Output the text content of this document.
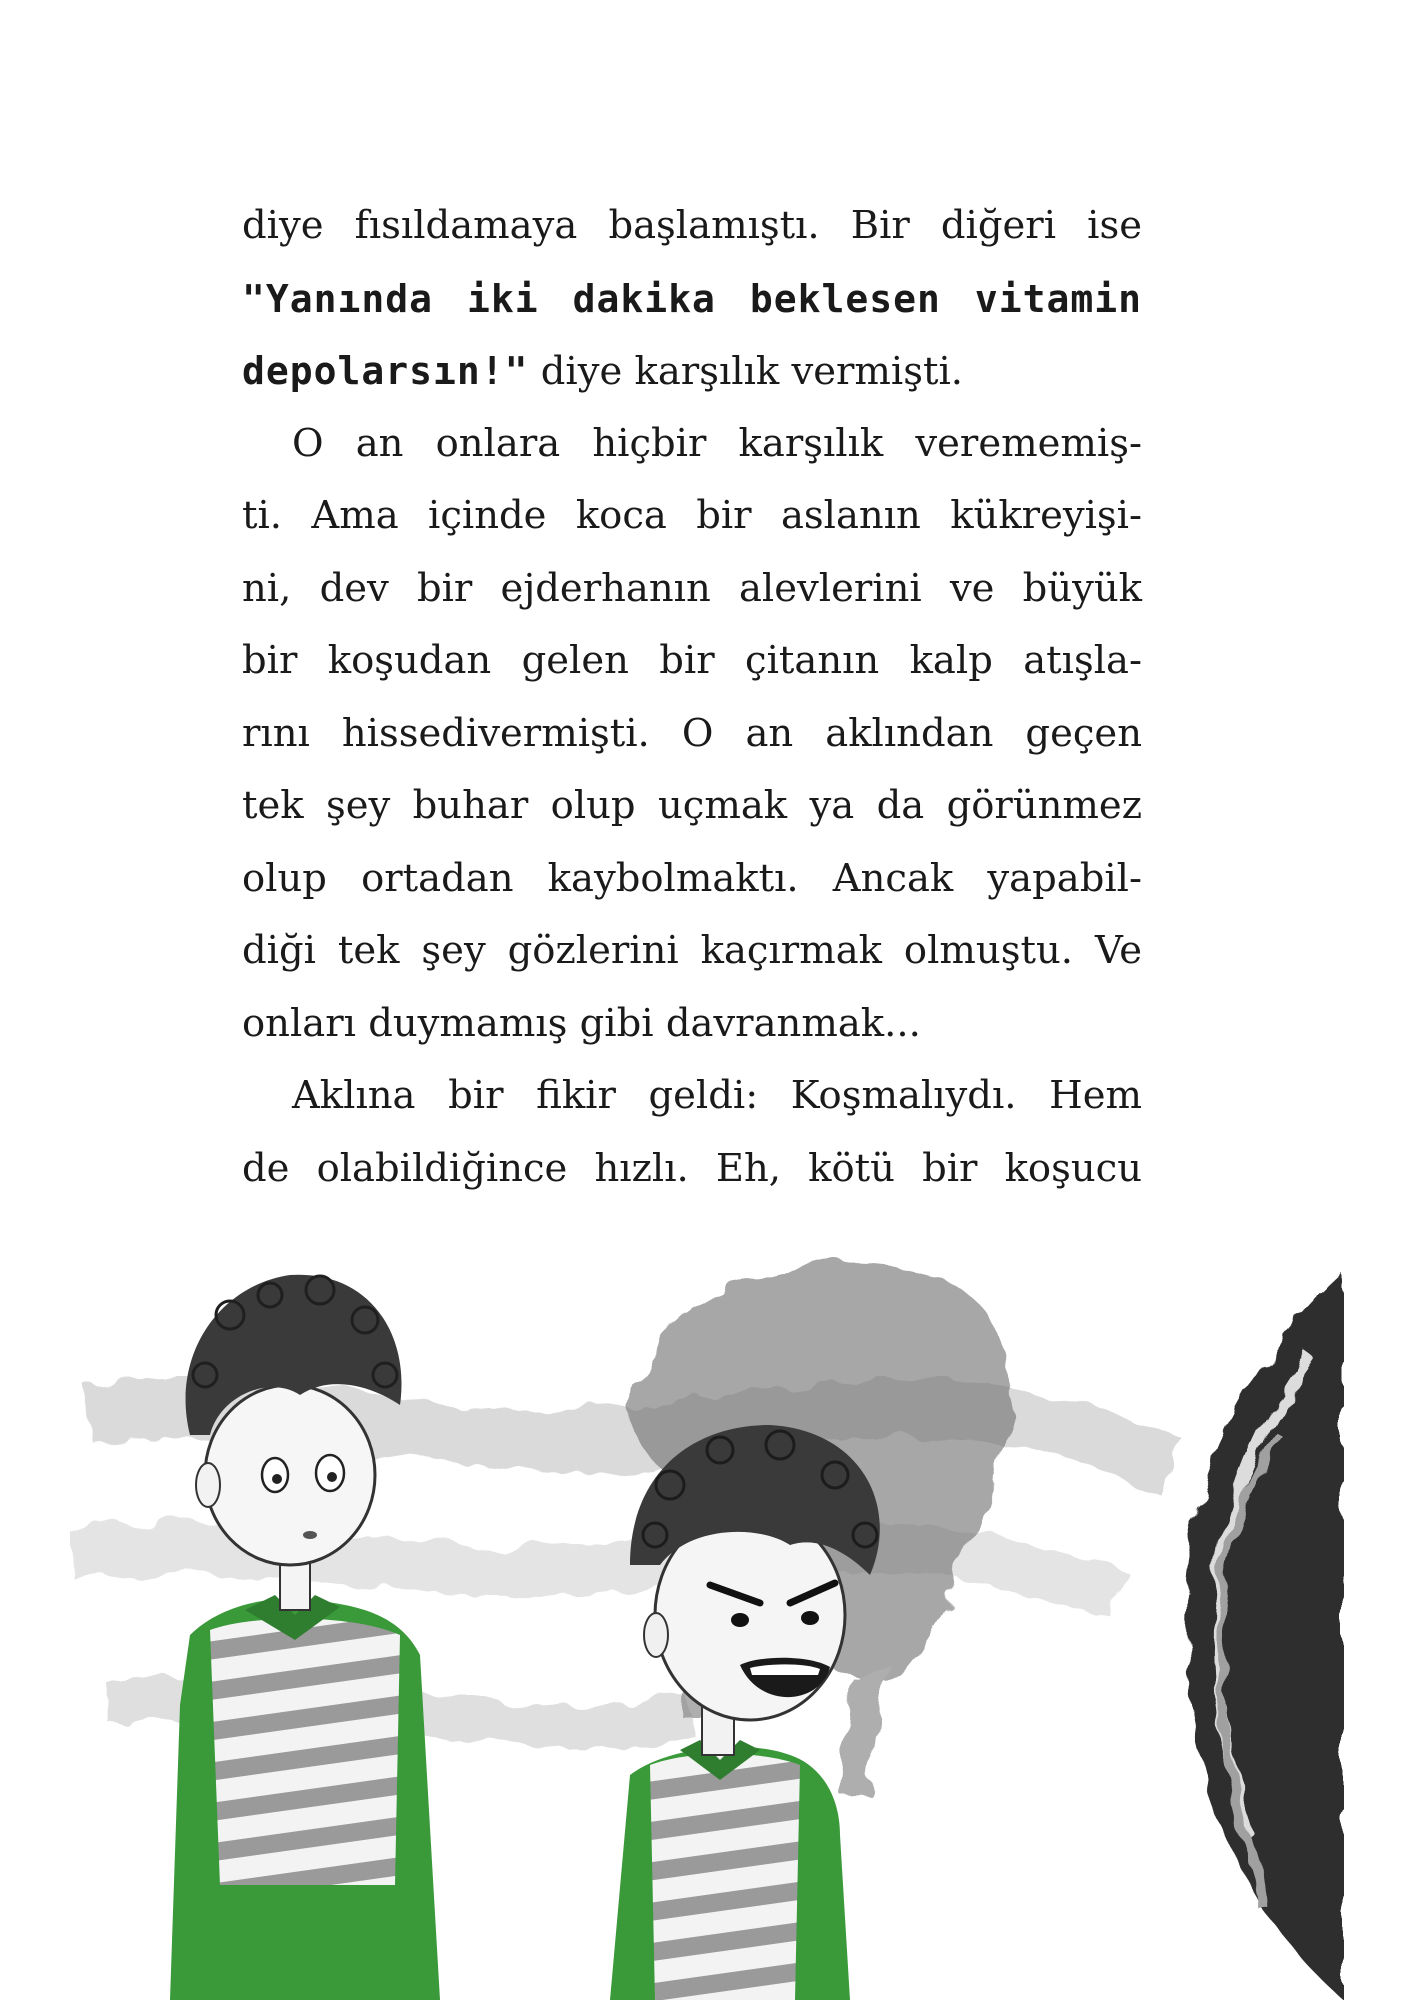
diye fısıldamaya başlamıştı. Bir diğeri ise
"Yanında iki dakika beklesen vitamin
depolarsın!" diye karşılık vermişti.
O an onlara hiçbir karşılık verememiş-
ti. Ama içinde koca bir aslanın kükreyişi-
ni, dev bir ejderhanın alevlerini ve büyük
bir koşudan gelen bir çitanın kalp atışla-
rını hissedivermişti. O an aklından geçen
tek şey buhar olup uçmak ya da görünmez
olup ortadan kaybolmaktı. Ancak yapabil-
diği tek şey gözlerini kaçırmak olmuştu. Ve
onları duymamış gibi davranmak...
Aklına bir fikir geldi: Koşmalıydı. Hem
de olabildiğince hızlı. Eh, kötü bir koşucu
